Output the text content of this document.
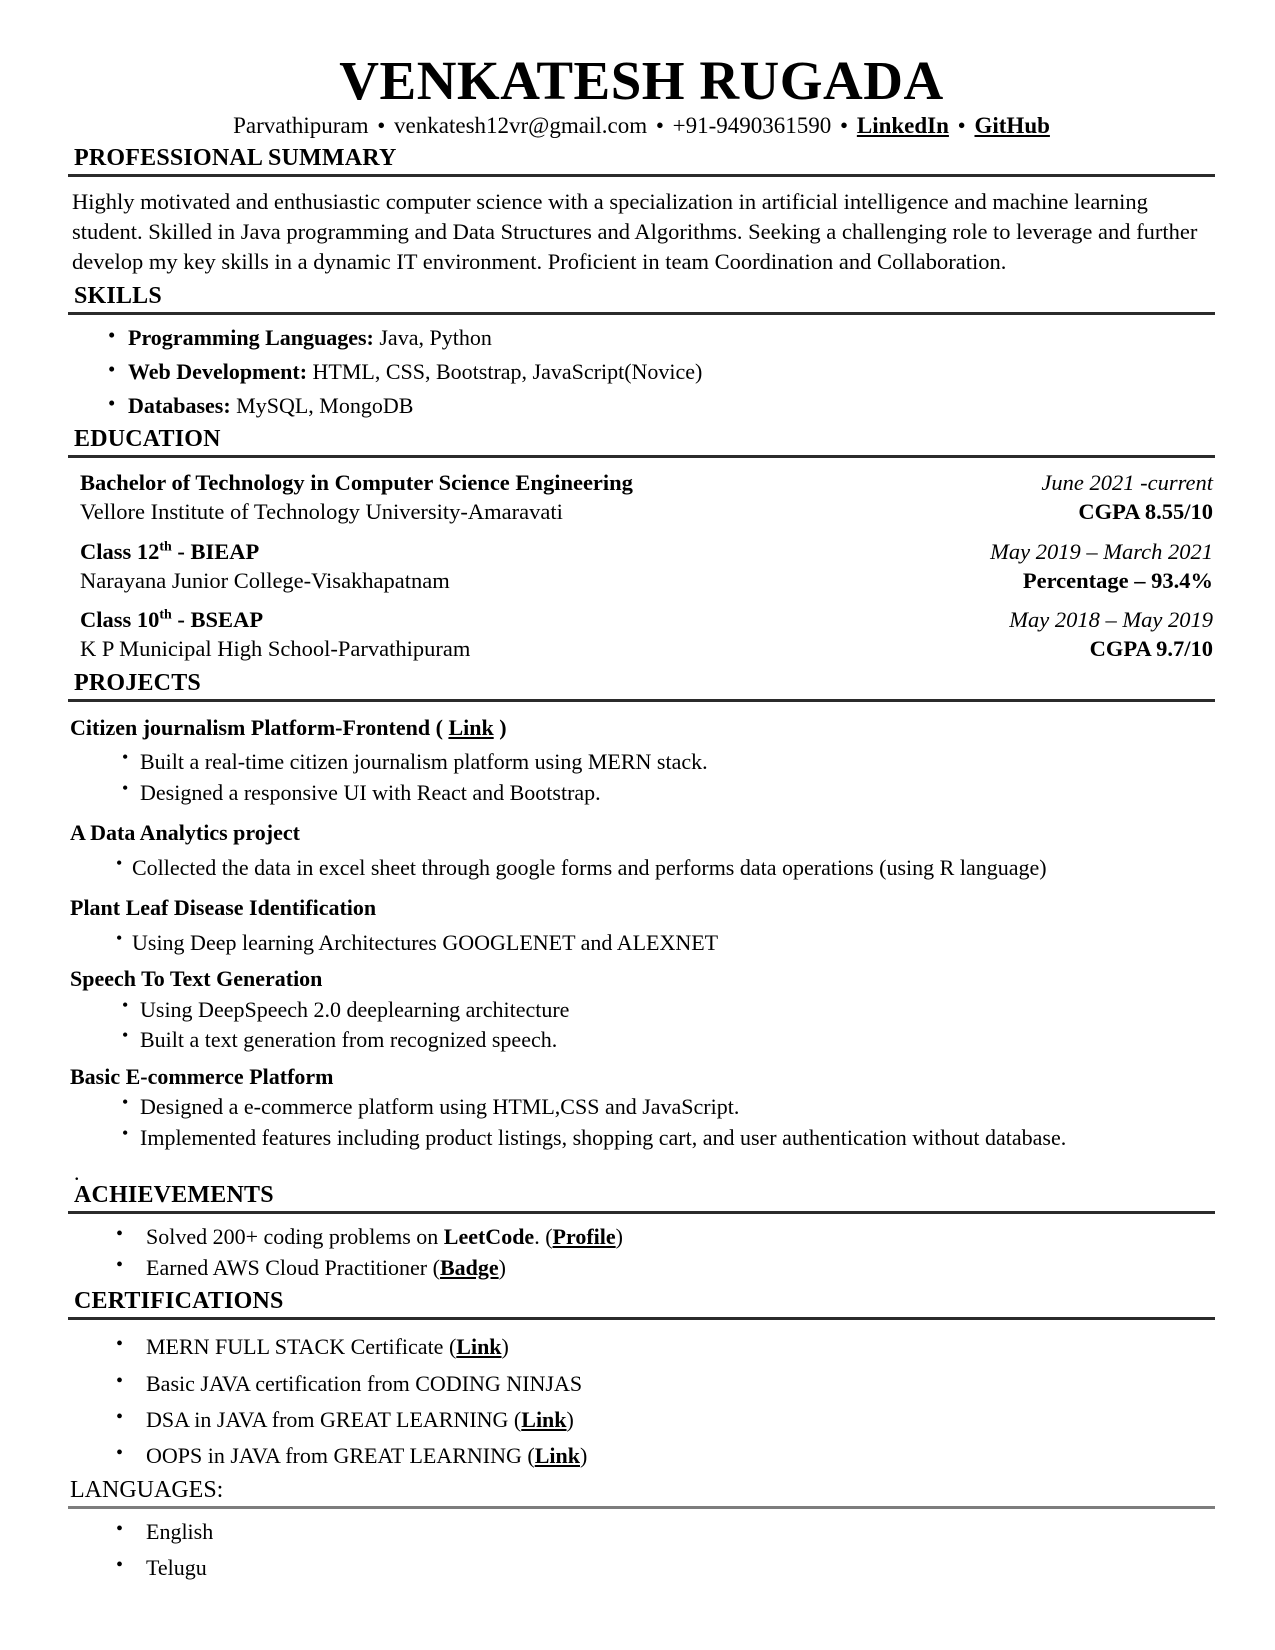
VENKATESH RUGADA
Parvathipuram • venkatesh12vr@gmail.com • +91-9490361590 • LinkedIn • GitHub
PROFESSIONAL SUMMARY

Highly motivated and enthusiastic computer science with a specialization in artificial intelligence and machine learning student. Skilled in Java programming and Data Structures and Algorithms. Seeking a challenging role to leverage and further develop my key skills in a dynamic IT environment. Proficient in team Coordination and Collaboration.

SKILLS
• Programming Languages: Java, Python
• Web Development: HTML, CSS, Bootstrap, JavaScript(Novice)
• Databases: MySQL, MongoDB
EDUCATION
Bachelor of Technology in Computer Science Engineering	June 2021 -current
Vellore Institute of Technology University-Amaravati	CGPA 8.55/10
Class 12th - BIEAP	May 2019 – March 2021
Narayana Junior College-Visakhapatnam	Percentage – 93.4%
Class 10th - BSEAP	May 2018 – May 2019
K P Municipal High School-Parvathipuram	CGPA 9.7/10
PROJECTS
Citizen journalism Platform-Frontend ( Link )
• Built a real-time citizen journalism platform using MERN stack.
• Designed a responsive UI with React and Bootstrap.
A Data Analytics project
• Collected the data in excel sheet through google forms and performs data operations (using R language)
Plant Leaf Disease Identification
• Using Deep learning Architectures GOOGLENET and ALEXNET
Speech To Text Generation
• Using DeepSpeech 2.0 deeplearning architecture
• Built a text generation from recognized speech.
Basic E-commerce Platform
• Designed a e-commerce platform using HTML,CSS and JavaScript.
• Implemented features including product listings, shopping cart, and user authentication without database.
.
ACHIEVEMENTS
• Solved 200+ coding problems on LeetCode. (Profile)
• Earned AWS Cloud Practitioner (Badge)
CERTIFICATIONS
• MERN FULL STACK Certificate (Link)
• Basic JAVA certification from CODING NINJAS
• DSA in JAVA from GREAT LEARNING (Link)
• OOPS in JAVA from GREAT LEARNING (Link)
LANGUAGES:
• English
• Telugu
